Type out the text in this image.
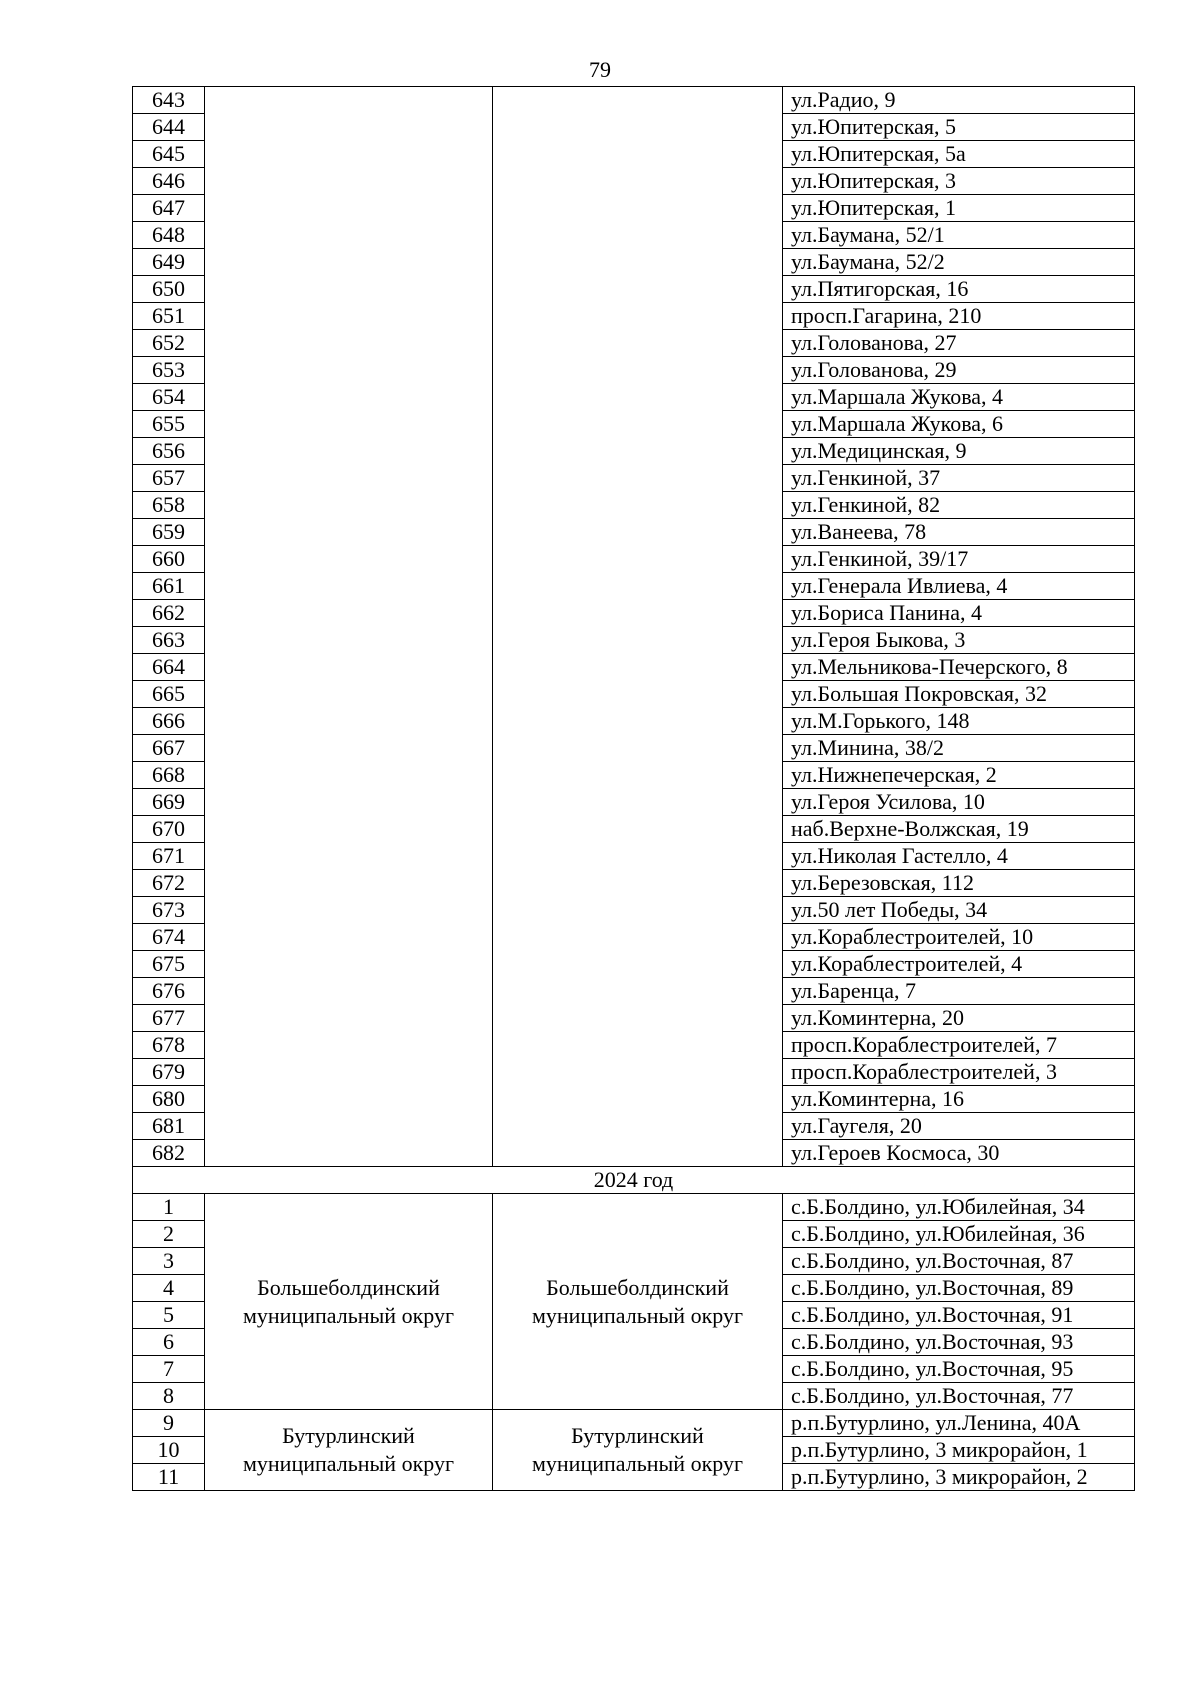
79
643			ул.Радио, 9
644			ул.Юпитерская, 5
645			ул.Юпитерская, 5а
646			ул.Юпитерская, 3
647			ул.Юпитерская, 1
648			ул.Баумана, 52/1
649			ул.Баумана, 52/2
650			ул.Пятигорская, 16
651			просп.Гагарина, 210
652			ул.Голованова, 27
653			ул.Голованова, 29
654			ул.Маршала Жукова, 4
655			ул.Маршала Жукова, 6
656			ул.Медицинская, 9
657			ул.Генкиной, 37
658			ул.Генкиной, 82
659			ул.Ванеева, 78
660			ул.Генкиной, 39/17
661			ул.Генерала Ивлиева, 4
662			ул.Бориса Панина, 4
663			ул.Героя Быкова, 3
664			ул.Мельникова-Печерского, 8
665			ул.Большая Покровская, 32
666			ул.М.Горького, 148
667			ул.Минина, 38/2
668			ул.Нижнепечерская, 2
669			ул.Героя Усилова, 10
670			наб.Верхне-Волжская, 19
671			ул.Николая Гастелло, 4
672			ул.Березовская, 112
673			ул.50 лет Победы, 34
674			ул.Кораблестроителей, 10
675			ул.Кораблестроителей, 4
676			ул.Баренца, 7
677			ул.Коминтерна, 20
678			просп.Кораблестроителей, 7
679			просп.Кораблестроителей, 3
680			ул.Коминтерна, 16
681			ул.Гаугеля, 20
682			ул.Героев Космоса, 30
2024 год			
1	Большеболдинский муниципальный округ	Большеболдинский муниципальный округ	с.Б.Болдино, ул.Юбилейная, 34
2			с.Б.Болдино, ул.Юбилейная, 36
3			с.Б.Болдино, ул.Восточная, 87
4			с.Б.Болдино, ул.Восточная, 89
5			с.Б.Болдино, ул.Восточная, 91
6			с.Б.Болдино, ул.Восточная, 93
7			с.Б.Болдино, ул.Восточная, 95
8			с.Б.Болдино, ул.Восточная, 77
9	Бутурлинский муниципальный округ	Бутурлинский муниципальный округ	р.п.Бутурлино, ул.Ленина, 40А
10			р.п.Бутурлино, 3 микрорайон, 1
11			р.п.Бутурлино, 3 микрорайон, 2
